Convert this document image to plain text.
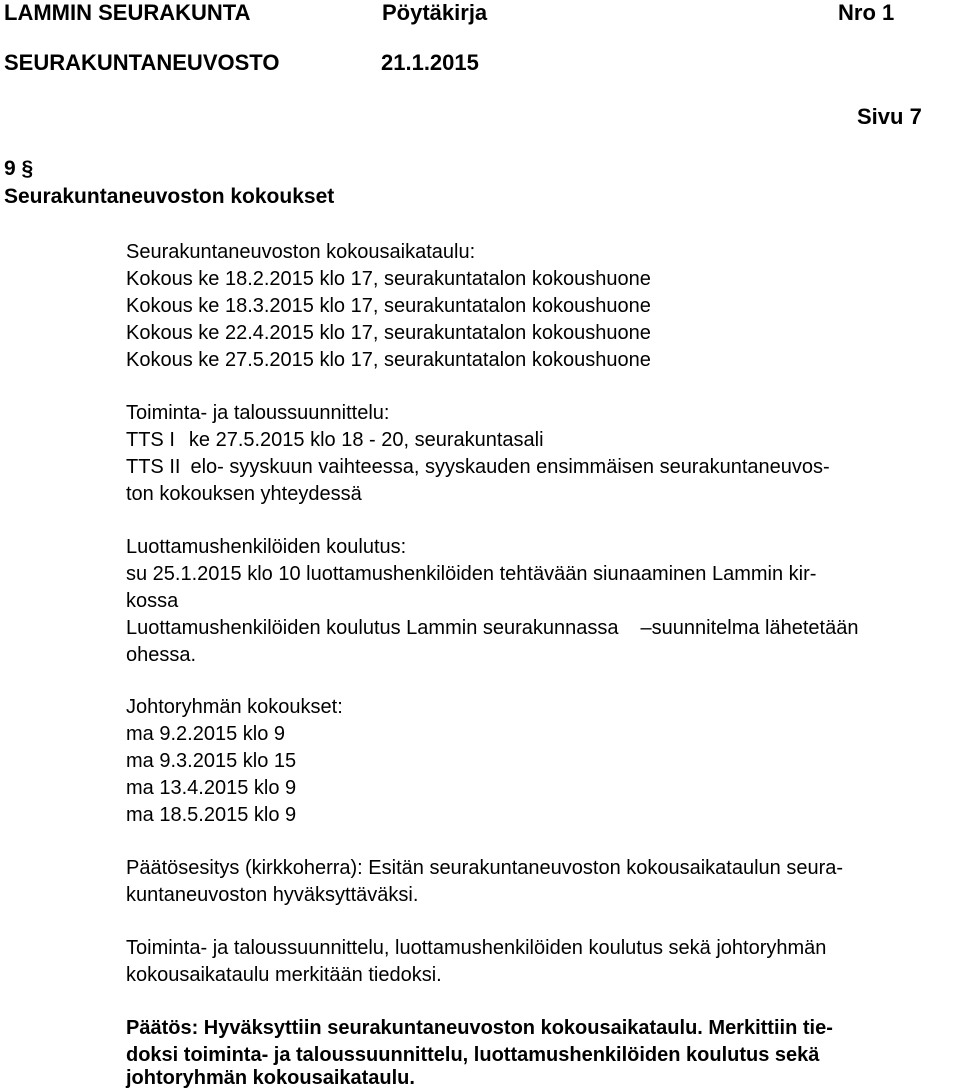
LAMMIN SEURAKUNTA	Pöytäkirja	Nro 1
SEURAKUNTANEUVOSTO	21.1.2015
Sivu 7
9 §
Seurakuntaneuvoston kokoukset
Seurakuntaneuvoston kokousaikataulu:
Kokous ke 18.2.2015 klo 17, seurakuntatalon kokoushuone
Kokous ke 18.3.2015 klo 17, seurakuntatalon kokoushuone
Kokous ke 22.4.2015 klo 17, seurakuntatalon kokoushuone
Kokous ke 27.5.2015 klo 17, seurakuntatalon kokoushuone
Toiminta- ja taloussuunnittelu:
TTS I ke 27.5.2015 klo 18 - 20, seurakuntasali
TTS II elo- syyskuun vaihteessa, syyskauden ensimmäisen seurakuntaneuvos-
ton kokouksen yhteydessä
Luottamushenkilöiden koulutus:
su 25.1.2015 klo 10 luottamushenkilöiden tehtävään siunaaminen Lammin kir-
kossa
Luottamushenkilöiden koulutus Lammin seurakunnassa –suunnitelma lähetetään
ohessa.
Johtoryhmän kokoukset:
ma 9.2.2015 klo 9
ma 9.3.2015 klo 15
ma 13.4.2015 klo 9
ma 18.5.2015 klo 9
Päätösesitys (kirkkoherra): Esitän seurakuntaneuvoston kokousaikataulun seura-
kuntaneuvoston hyväksyttäväksi.
Toiminta- ja taloussuunnittelu, luottamushenkilöiden koulutus sekä johtoryhmän
kokousaikataulu merkitään tiedoksi.
Päätös: Hyväksyttiin seurakuntaneuvoston kokousaikataulu. Merkittiin tie-
doksi toiminta- ja taloussuunnittelu, luottamushenkilöiden koulutus sekä
johtoryhmän kokousaikataulu.
